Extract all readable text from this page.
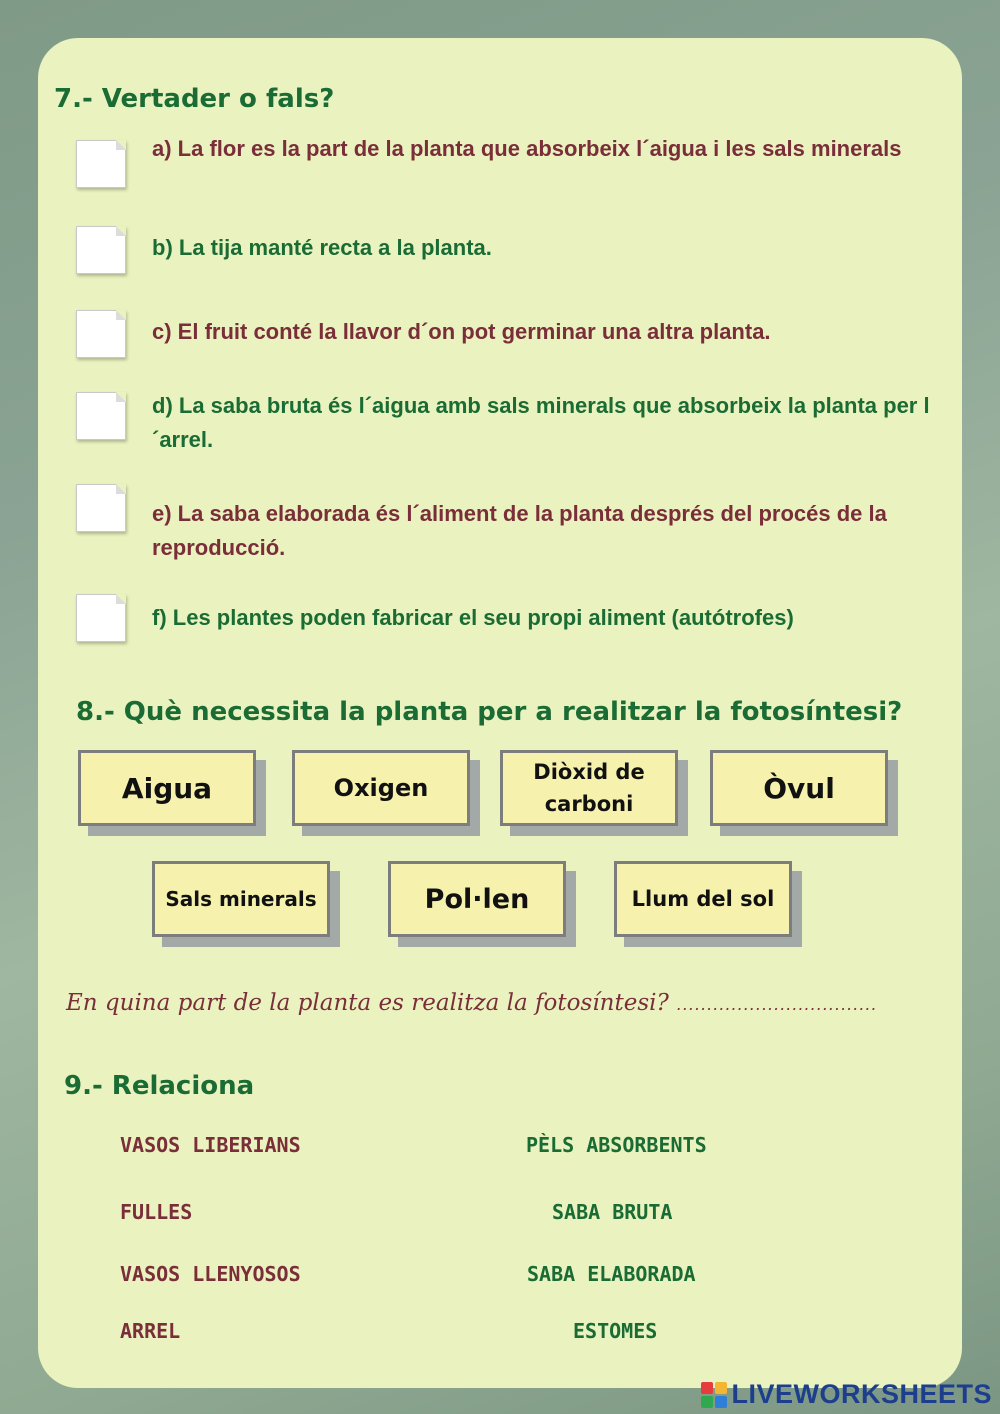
7.- Vertader o fals?
a) La flor es la part de la planta que absorbeix l´aigua i les sals minerals
b) La tija manté recta a la planta.
c) El fruit conté la llavor d´on pot germinar una altra planta.
d) La saba bruta és l´aigua amb sals minerals que absorbeix la planta per l´arrel.
e) La saba elaborada és l´aliment de la planta després del procés de la reproducció.
f) Les plantes poden fabricar el seu propi aliment (autótrofes)
8.- Què necessita la planta per a realitzar la fotosíntesi?
Aigua	Oxigen
Diòxid de carboni	Òvul
Sals minerals	Pol·len	Llum del sol
En quina part de la planta es realitza la fotosíntesi? .................................
9.- Relaciona
VASOS LIBERIANS
FULLES
VASOS LLENYOSOS
ARREL
PÈLS ABSORBENTS
SABA BRUTA
SABA ELABORADA
ESTOMES
LIVEWORKSHEETS
